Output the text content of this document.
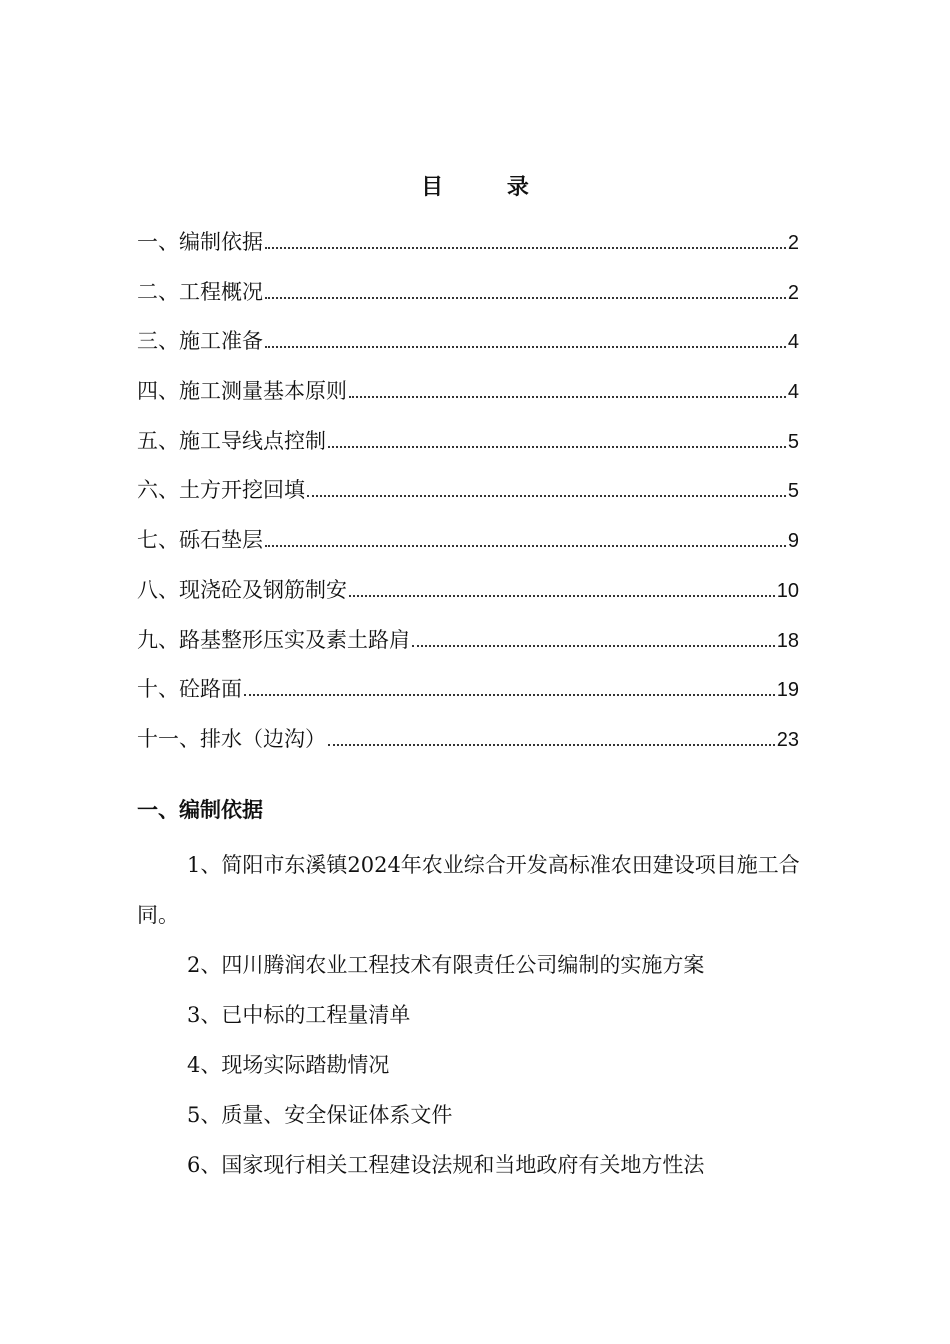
目 录
一、编制依据	2
二、工程概况	2
三、施工准备	4
四、施工测量基本原则	4
五、施工导线点控制	5
六、土方开挖回填	5
七、砾石垫层	9
八、现浇砼及钢筋制安	10
九、路基整形压实及素土路肩	18
十、砼路面	19
十一、排水（边沟）	23
一、编制依据

1、简阳市东溪镇2024年农业综合开发高标准农田建设项目施工合同。

2、四川腾润农业工程技术有限责任公司编制的实施方案

3、已中标的工程量清单

4、现场实际踏勘情况

5、质量、安全保证体系文件

6、国家现行相关工程建设法规和当地政府有关地方性法
